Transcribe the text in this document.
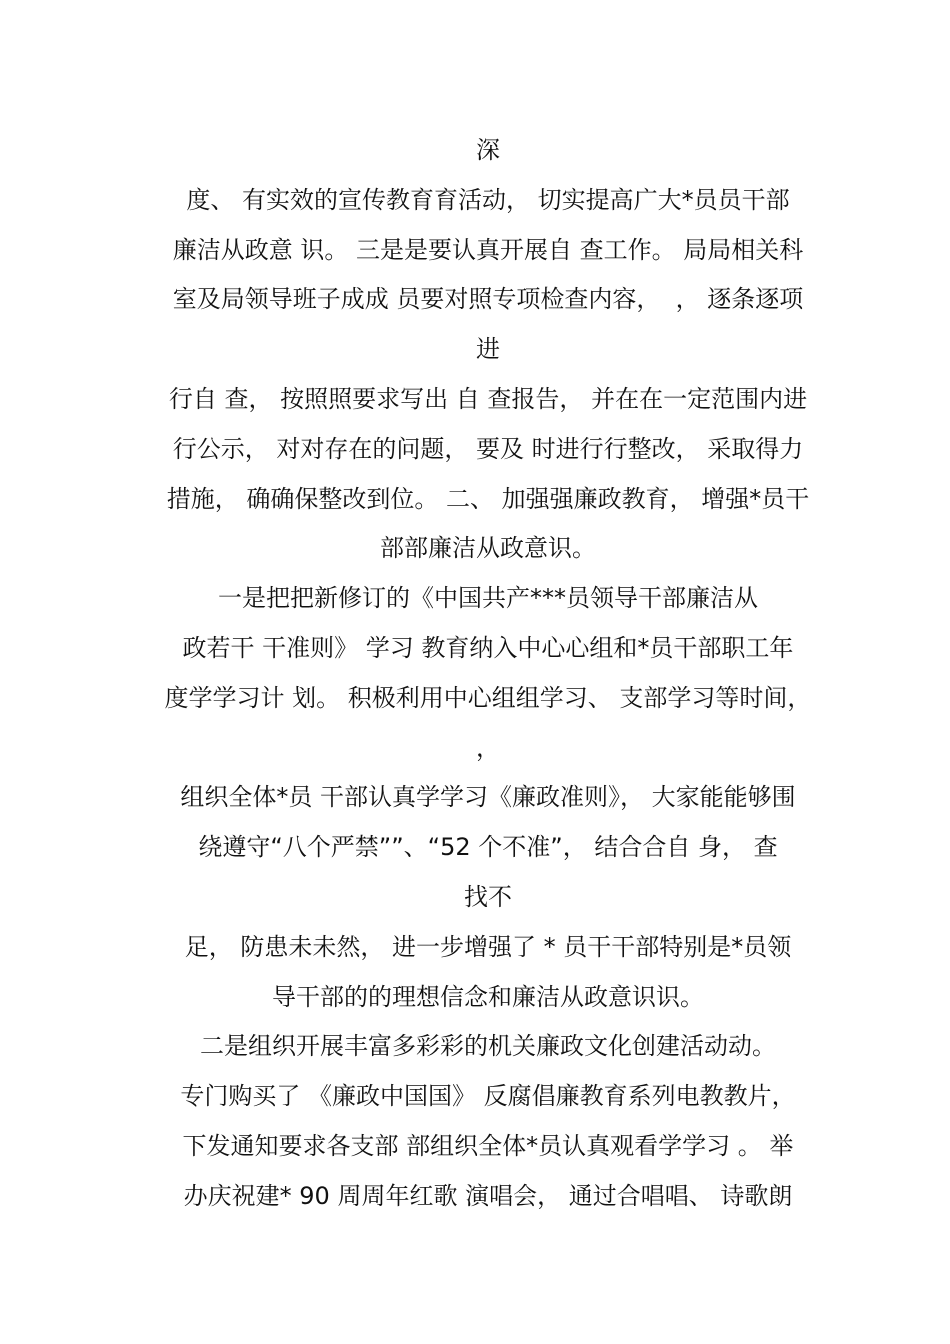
深
度、 有实效的宣传教育育活动， 切实提高广大*员员干部
廉洁从政意 识。 三是是要认真开展自 查工作。 局局相关科
室及局领导班子成成 员要对照专项检查内容，  ， 逐条逐项
进
行自 查， 按照照要求写出 自 查报告， 并在在一定范围内进
行公示， 对对存在的问题， 要及 时进行行整改， 采取得力
措施， 确确保整改到位。 二、 加强强廉政教育， 增强*员干
部部廉洁从政意识。
一是把把新修订的《中国共产***员领导干部廉洁从
政若干 干准则》 学习 教育纳入中心心组和*员干部职工年
度学学习计 划。 积极利用中心组组学习、 支部学习等时间，
，
组织全体*员 干部认真学学习《廉政准则》， 大家能能够围
绕遵守“八个严禁””、“52 个不准”， 结合合自 身， 查
找不
足， 防患未未然， 进一步增强了 * 员干干部特别是*员领
导干部的的理想信念和廉洁从政意识识。
二是组织开展丰富多彩彩的机关廉政文化创建活动动。
专门购买了 《廉政中国国》 反腐倡廉教育系列电教教片，
下发通知要求各支部 部组织全体*员认真观看学学习 。 举
办庆祝建* 90 周周年红歌 演唱会， 通过合唱唱、 诗歌朗
